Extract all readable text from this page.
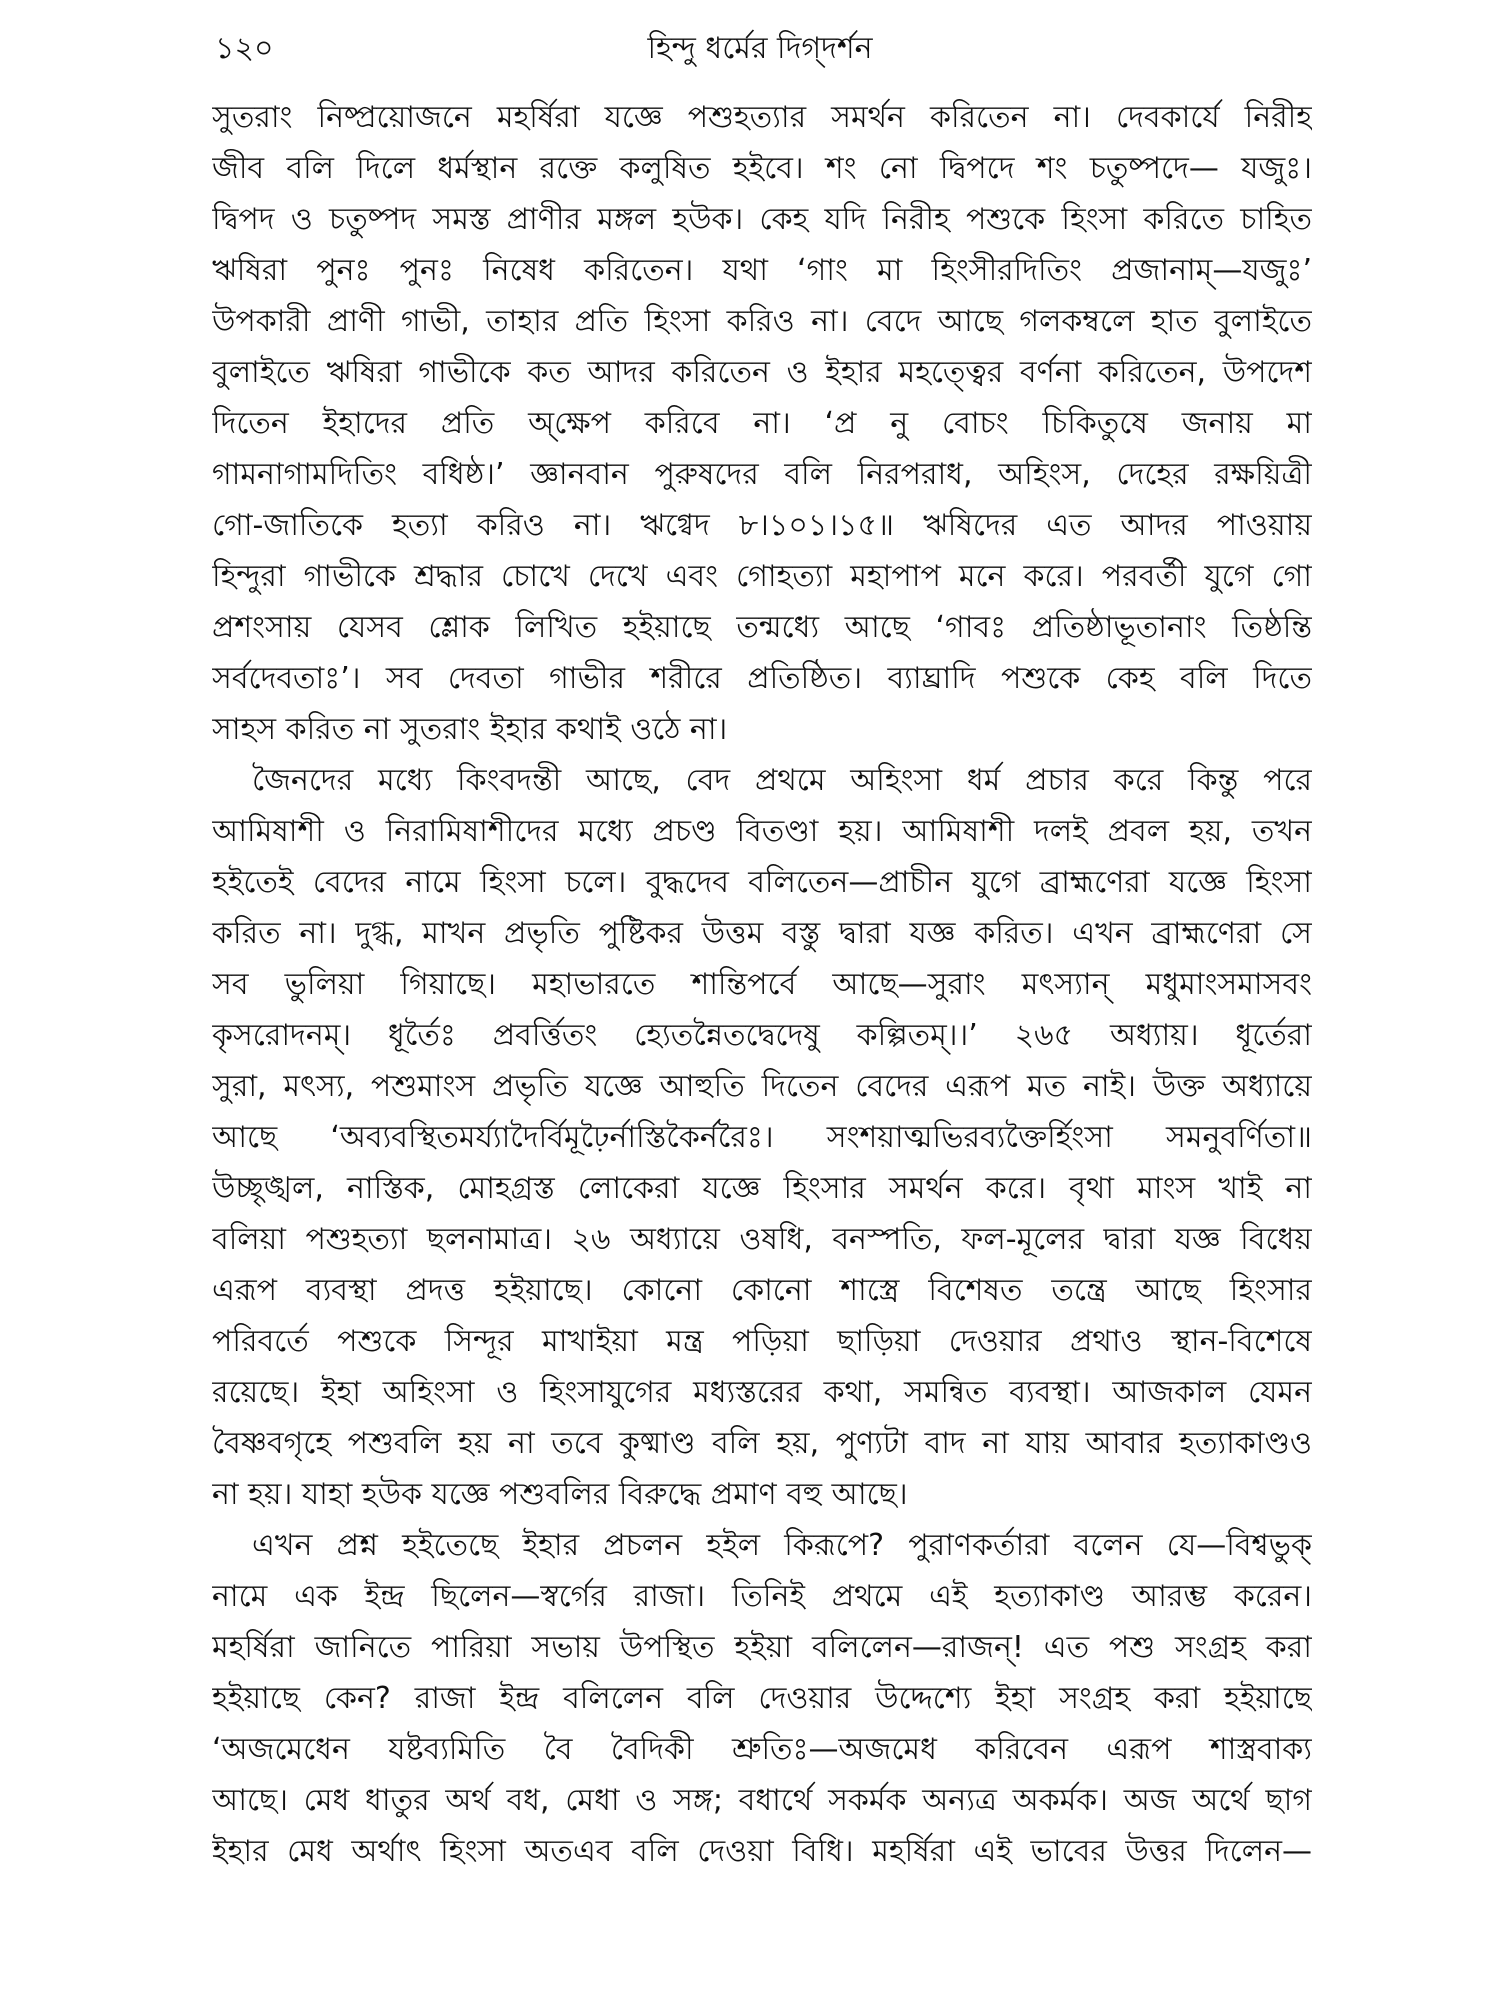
১২০	হিন্দু ধর্মের দিগ্‌দর্শন
সুতরাং নিষ্প্রয়োজনে মহর্ষিরা যজ্ঞে পশুহত্যার সমর্থন করিতেন না। দেবকার্যে নিরীহ
জীব বলি দিলে ধর্মস্থান রক্তে কলুষিত হইবে। শং নো দ্বিপদে শং চতুষ্পদে— যজুঃ।
দ্বিপদ ও চতুষ্পদ সমস্ত প্রাণীর মঙ্গল হউক। কেহ যদি নিরীহ পশুকে হিংসা করিতে চাহিত
ঋষিরা পুনঃ পুনঃ নিষেধ করিতেন। যথা ‘গাং মা হিংসীরদিতিং প্রজানাম্—যজুঃ’
উপকারী প্রাণী গাভী, তাহার প্রতি হিংসা করিও না। বেদে আছে গলকম্বলে হাত বুলাইতে
বুলাইতে ঋষিরা গাভীকে কত আদর করিতেন ও ইহার মহত্ত্বের বর্ণনা করিতেন, উপদেশ
দিতেন ইহাদের প্রতি অ্‌ক্ষেপ করিবে না। ‘প্র নু বোচং চিকিতুষে জনায় মা
গামনাগামদিতিং বধিষ্ঠ।’ জ্ঞানবান পুরুষদের বলি নিরপরাধ, অহিংস, দেহের রক্ষয়িত্রী
গো-জাতিকে হত্যা করিও না। ঋগ্বেদ ৮।১০১।১৫॥ ঋষিদের এত আদর পাওয়ায়
হিন্দুরা গাভীকে শ্রদ্ধার চোখে দেখে এবং গোহত্যা মহাপাপ মনে করে। পরবর্তী যুগে গো
প্রশংসায় যেসব শ্লোক লিখিত হইয়াছে তন্মধ্যে আছে ‘গাবঃ প্রতিষ্ঠাভূতানাং তিষ্ঠন্তি
সর্বদেবতাঃ’। সব দেবতা গাভীর শরীরে প্রতিষ্ঠিত। ব্যাঘ্রাদি পশুকে কেহ বলি দিতে
সাহস করিত না সুতরাং ইহার কথাই ওঠে না।
জৈনদের মধ্যে কিংবদন্তী আছে, বেদ প্রথমে অহিংসা ধর্ম প্রচার করে কিন্তু পরে
আমিষাশী ও নিরামিষাশীদের মধ্যে প্রচণ্ড বিতণ্ডা হয়। আমিষাশী দলই প্রবল হয়, তখন
হইতেই বেদের নামে হিংসা চলে। বুদ্ধদেব বলিতেন—প্রাচীন যুগে ব্রাহ্মণেরা যজ্ঞে হিংসা
করিত না। দুগ্ধ, মাখন প্রভৃতি পুষ্টিকর উত্তম বস্তু দ্বারা যজ্ঞ করিত। এখন ব্রাহ্মণেরা সে
সব ভুলিয়া গিয়াছে। মহাভারতে শান্তিপর্বে আছে—সুরাং মৎস্যান্ মধুমাংসমাসবং
কৃসরোদনম্। ধূর্তৈঃ প্রবর্ত্তিতং হ্যেতন্নৈতদ্বেদেষু কল্পিতম্।।’ ২৬৫ অধ্যায়। ধূর্তেরা
সুরা, মৎস্য, পশুমাংস প্রভৃতি যজ্ঞে আহুতি দিতেন বেদের এরূপ মত নাই। উক্ত অধ্যায়ে
আছে ‘অব্যবস্থিতমর্য্যাদৈর্বিমূঢ়ৈর্নাস্তিকৈর্নরৈঃ। সংশয়াত্মভিরব্যক্তৈর্হিংসা সমনুবর্ণিতা॥
উচ্ছৃঙ্খল, নাস্তিক, মোহগ্রস্ত লোকেরা যজ্ঞে হিংসার সমর্থন করে। বৃথা মাংস খাই না
বলিয়া পশুহত্যা ছলনামাত্র। ২৬ অধ্যায়ে ওষধি, বনস্পতি, ফল-মূলের দ্বারা যজ্ঞ বিধেয়
এরূপ ব্যবস্থা প্রদত্ত হইয়াছে। কোনো কোনো শাস্ত্রে বিশেষত তন্ত্রে আছে হিংসার
পরিবর্তে পশুকে সিন্দূর মাখাইয়া মন্ত্র পড়িয়া ছাড়িয়া দেওয়ার প্রথাও স্থান-বিশেষে
রয়েছে। ইহা অহিংসা ও হিংসাযুগের মধ্যস্তরের কথা, সমন্বিত ব্যবস্থা। আজকাল যেমন
বৈষ্ণবগৃহে পশুবলি হয় না তবে কুষ্মাণ্ড বলি হয়, পুণ্যটা বাদ না যায় আবার হত্যাকাণ্ডও
না হয়। যাহা হউক যজ্ঞে পশুবলির বিরুদ্ধে প্রমাণ বহু আছে।
এখন প্রশ্ন হইতেছে ইহার প্রচলন হইল কিরূপে? পুরাণকর্তারা বলেন যে—বিশ্বভুক্
নামে এক ইন্দ্র ছিলেন—স্বর্গের রাজা। তিনিই প্রথমে এই হত্যাকাণ্ড আরম্ভ করেন।
মহর্ষিরা জানিতে পারিয়া সভায় উপস্থিত হইয়া বলিলেন—রাজন্! এত পশু সংগ্রহ করা
হইয়াছে কেন? রাজা ইন্দ্র বলিলেন বলি দেওয়ার উদ্দেশ্যে ইহা সংগ্রহ করা হইয়াছে
‘অজমেধেন যষ্টব্যমিতি বৈ বৈদিকী শ্রুতিঃ—অজমেধ করিবেন এরূপ শাস্ত্রবাক্য
আছে। মেধ ধাতুর অর্থ বধ, মেধা ও সঙ্গ; বধার্থে সকর্মক অন্যত্র অকর্মক। অজ অর্থে ছাগ
ইহার মেধ অর্থাৎ হিংসা অতএব বলি দেওয়া বিধি। মহর্ষিরা এই ভাবের উত্তর দিলেন—
